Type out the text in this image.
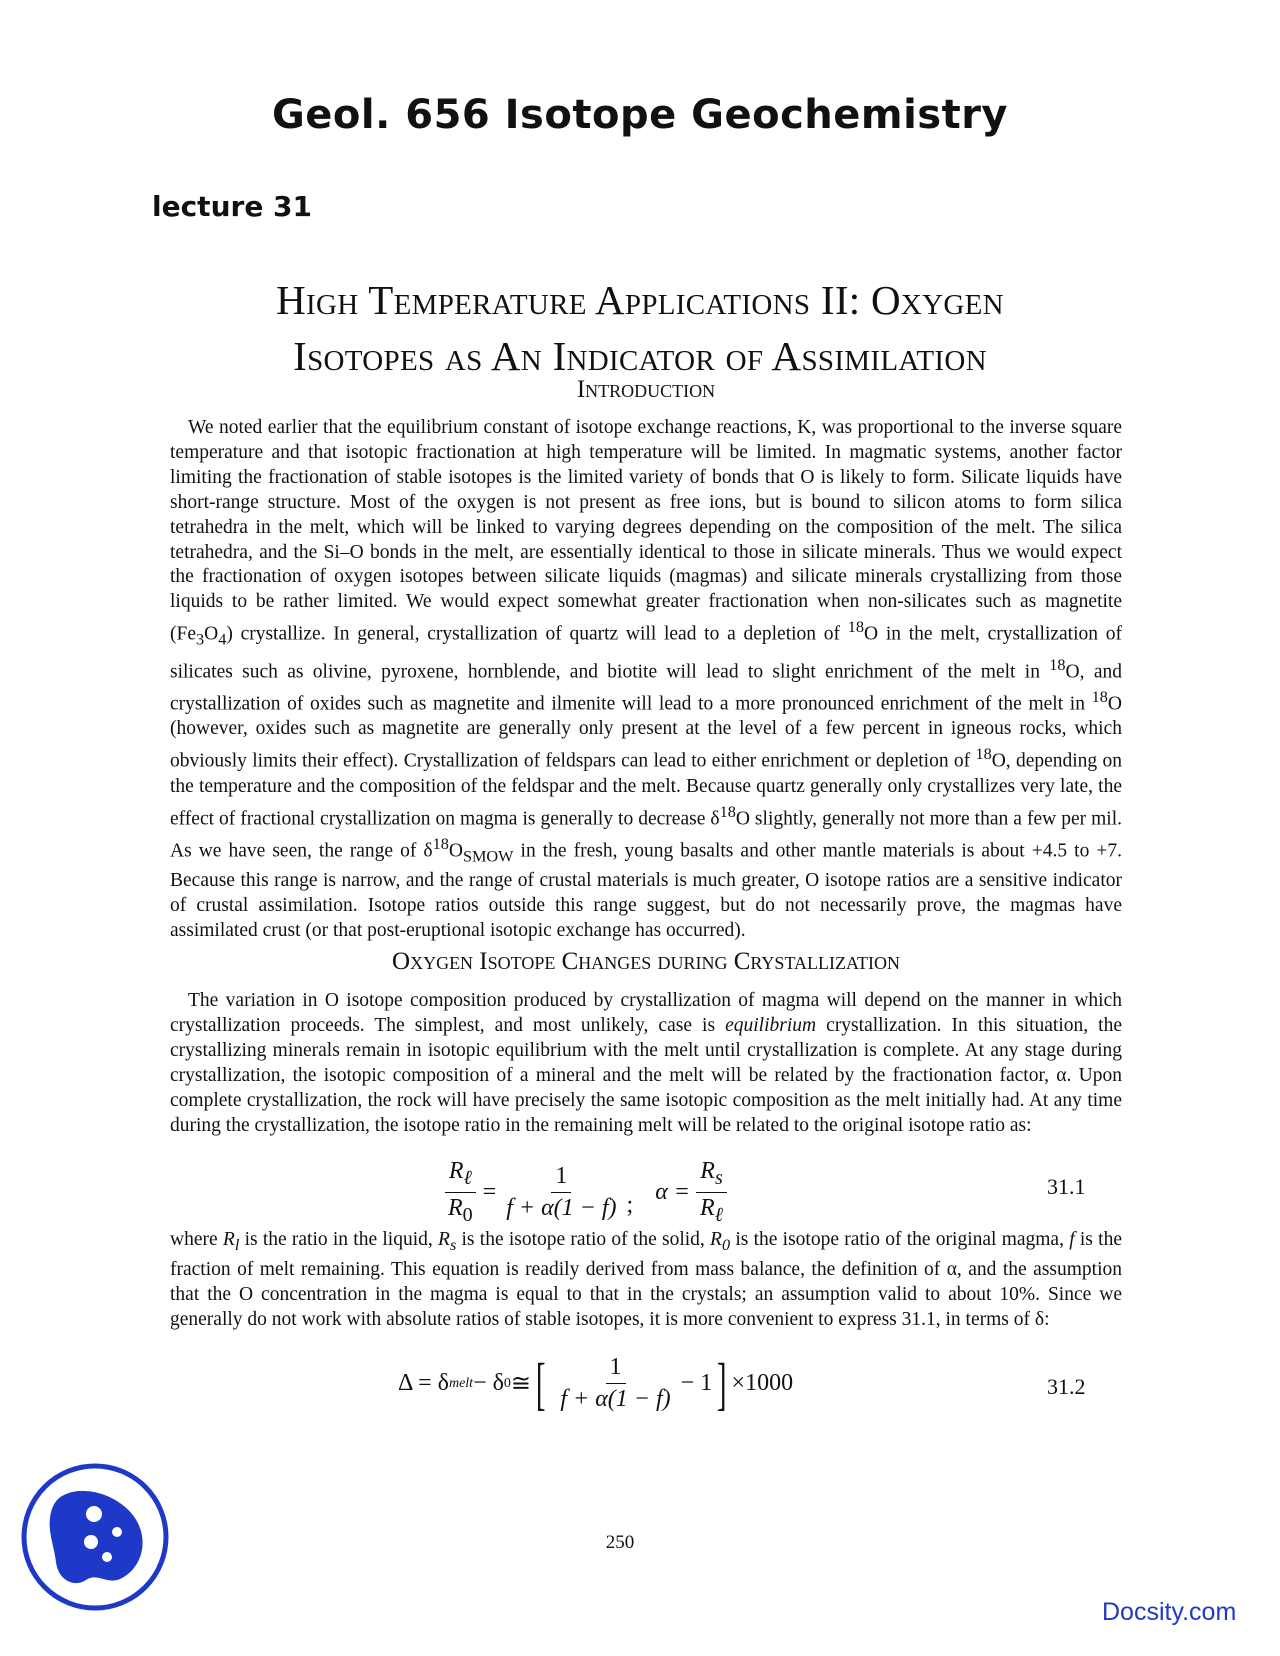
Geol. 656 Isotope Geochemistry
lecture 31
High Temperature Applications II: Oxygen
Isotopes as An Indicator of Assimilation
Introduction
We noted earlier that the equilibrium constant of isotope exchange reactions, K, was proportional to the inverse square temperature and that isotopic fractionation at high temperature will be limited. In magmatic systems, another factor limiting the fractionation of stable isotopes is the limited variety of bonds that O is likely to form. Silicate liquids have short-range structure. Most of the oxygen is not present as free ions, but is bound to silicon atoms to form silica tetrahedra in the melt, which will be linked to varying degrees depending on the composition of the melt. The silica tetrahedra, and the Si–O bonds in the melt, are essentially identical to those in silicate minerals. Thus we would expect the fractionation of oxygen isotopes between silicate liquids (magmas) and silicate minerals crystallizing from those liquids to be rather limited. We would expect somewhat greater fractionation when non-silicates such as magnetite $(Fe_3O_4)$ crystallize. In general, crystallization of quartz will lead to a depletion of $^{18}$O in the melt, crystallization of silicates such as olivine, pyroxene, hornblende, and biotite will lead to slight enrichment of the melt in $^{18}$O, and crystallization of oxides such as magnetite and ilmenite will lead to a more pronounced enrichment of the melt in $^{18}$O (however, oxides such as magnetite are generally only present at the level of a few percent in igneous rocks, which obviously limits their effect). Crystallization of feldspars can lead to either enrichment or depletion of $^{18}$O, depending on the temperature and the composition of the feldspar and the melt. Because quartz generally only crystallizes very late, the effect of fractional crystallization on magma is generally to decrease $\delta^{18}O$ slightly, generally not more than a few per mil. As we have seen, the range of $\delta^{18}O_{SMOW}$ in the fresh, young basalts and other mantle materials is about +4.5 to +7. Because this range is narrow, and the range of crustal materials is much greater, O isotope ratios are a sensitive indicator of crustal assimilation. Isotope ratios outside this range suggest, but do not necessarily prove, the magmas have assimilated crust (or that post-eruptional isotopic exchange has occurred).
Oxygen Isotope Changes during Crystallization
The variation in O isotope composition produced by crystallization of magma will depend on the manner in which crystallization proceeds. The simplest, and most unlikely, case is equilibrium crystallization. In this situation, the crystallizing minerals remain in isotopic equilibrium with the melt until crystallization is complete. At any stage during crystallization, the isotopic composition of a mineral and the melt will be related by the fractionation factor, α. Upon complete crystallization, the rock will have precisely the same isotopic composition as the melt initially had. At any time during the crystallization, the isotope ratio in the remaining melt will be related to the original isotope ratio as:
$\frac{R_\ell}{R_0} = \frac{1}{f + \alpha(1 - f)}$ ; $\alpha = \frac{R_s}{R_\ell}$	31.1
where $R_l$ is the ratio in the liquid, $R_s$ is the isotope ratio of the solid, $R_0$ is the isotope ratio of the original magma, f is the fraction of melt remaining. This equation is readily derived from mass balance, the definition of α, and the assumption that the O concentration in the magma is equal to that in the crystals; an assumption valid to about 10%. Since we generally do not work with absolute ratios of stable isotopes, it is more convenient to express 31.1, in terms of δ:
Δ = δ melt − δ 0 ≅ [ $\frac{1}{f + \alpha(1 - f)} - 1$ ] ×1000	31.2
250
Docsity.com
